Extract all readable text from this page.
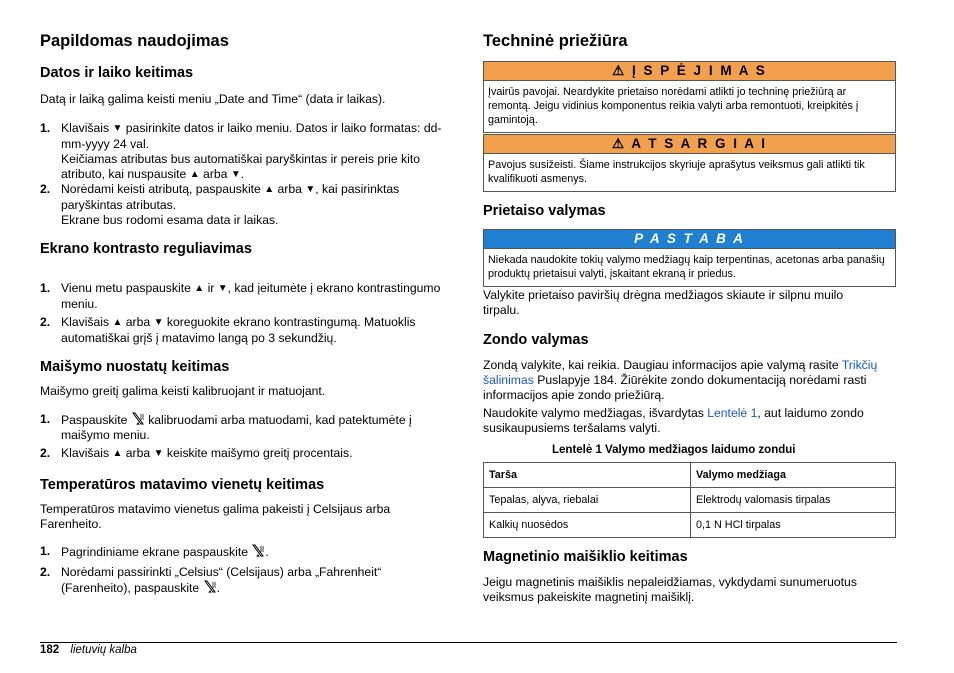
Papildomas naudojimas
Datos ir laiko keitimas
Datą ir laiką galima keisti meniu „Date and Time“ (data ir laikas).
1. Klavišais ▼ pasirinkite datos ir laiko meniu. Datos ir laiko formatas: dd-mm-yyyy 24 val.
Keičiamas atributas bus automatiškai paryškintas ir pereis prie kito atributo, kai nuspausite ▲ arba ▼.
2. Norėdami keisti atributą, paspauskite ▲ arba ▼, kai pasirinktas paryškintas atributas.
Ekrane bus rodomi esama data ir laikas.
Ekrano kontrasto reguliavimas
1. Vienu metu paspauskite ▲ ir ▼, kad įeitumėte į ekrano kontrastingumo meniu.
2. Klavišais ▲ arba ▼ koreguokite ekrano kontrastingumą. Matuoklis automatiškai grįš į matavimo langą po 3 sekundžių.
Maišymo nuostatų keitimas
Maišymo greitį galima keisti kalibruojant ir matuojant.
1. Paspauskite kalibruodami arba matuodami, kad patektumėte į maišymo meniu.
2. Klavišais ▲ arba ▼ keiskite maišymo greitį procentais.
Temperatūros matavimo vienetų keitimas
Temperatūros matavimo vienetus galima pakeisti į Celsijaus arba Farenheito.
1. Pagrindiniame ekrane paspauskite .
2. Norėdami passirinkti „Celsius“ (Celsijaus) arba „Fahrenheit“ (Farenheito), paspauskite .
Techninė priežiūra
⚠ Į S P Ė J I M A S
Įvairūs pavojai. Neardykite prietaiso norėdami atlikti jo techninę priežiūrą ar remontą. Jeigu vidinius komponentus reikia valyti arba remontuoti, kreipkitės į gamintoją.
⚠ A T S A R G I A I
Pavojus susižeisti. Šiame instrukcijos skyriuje aprašytus veiksmus gali atlikti tik kvalifikuoti asmenys.
Prietaiso valymas
P A S T A B A
Niekada naudokite tokių valymo medžiagų kaip terpentinas, acetonas arba panašių produktų prietaisui valyti, įskaitant ekraną ir priedus.
Valykite prietaiso paviršių drėgna medžiagos skiaute ir silpnu muilo tirpalu.
Zondo valymas
Zondą valykite, kai reikia. Daugiau informacijos apie valymą rasite Trikčių šalinimas Puslapyje 184. Žiūrėkite zondo dokumentaciją norėdami rasti informacijos apie zondo priežiūrą.
Naudokite valymo medžiagas, išvardytas Lentelė 1, aut laidumo zondo susikaupusiems teršalams valyti.
Lentelė 1 Valymo medžiagos laidumo zondui
Tarša	Valymo medžiaga
Tepalas, alyva, riebalai	Elektrodų valomasis tirpalas
Kalkių nuosėdos	0,1 N HCl tirpalas
Magnetinio maišiklio keitimas
Jeigu magnetinis maišiklis nepaleidžiamas, vykdydami sunumeruotus veiksmus pakeiskite magnetinį maišiklį.
182 lietuvių kalba
